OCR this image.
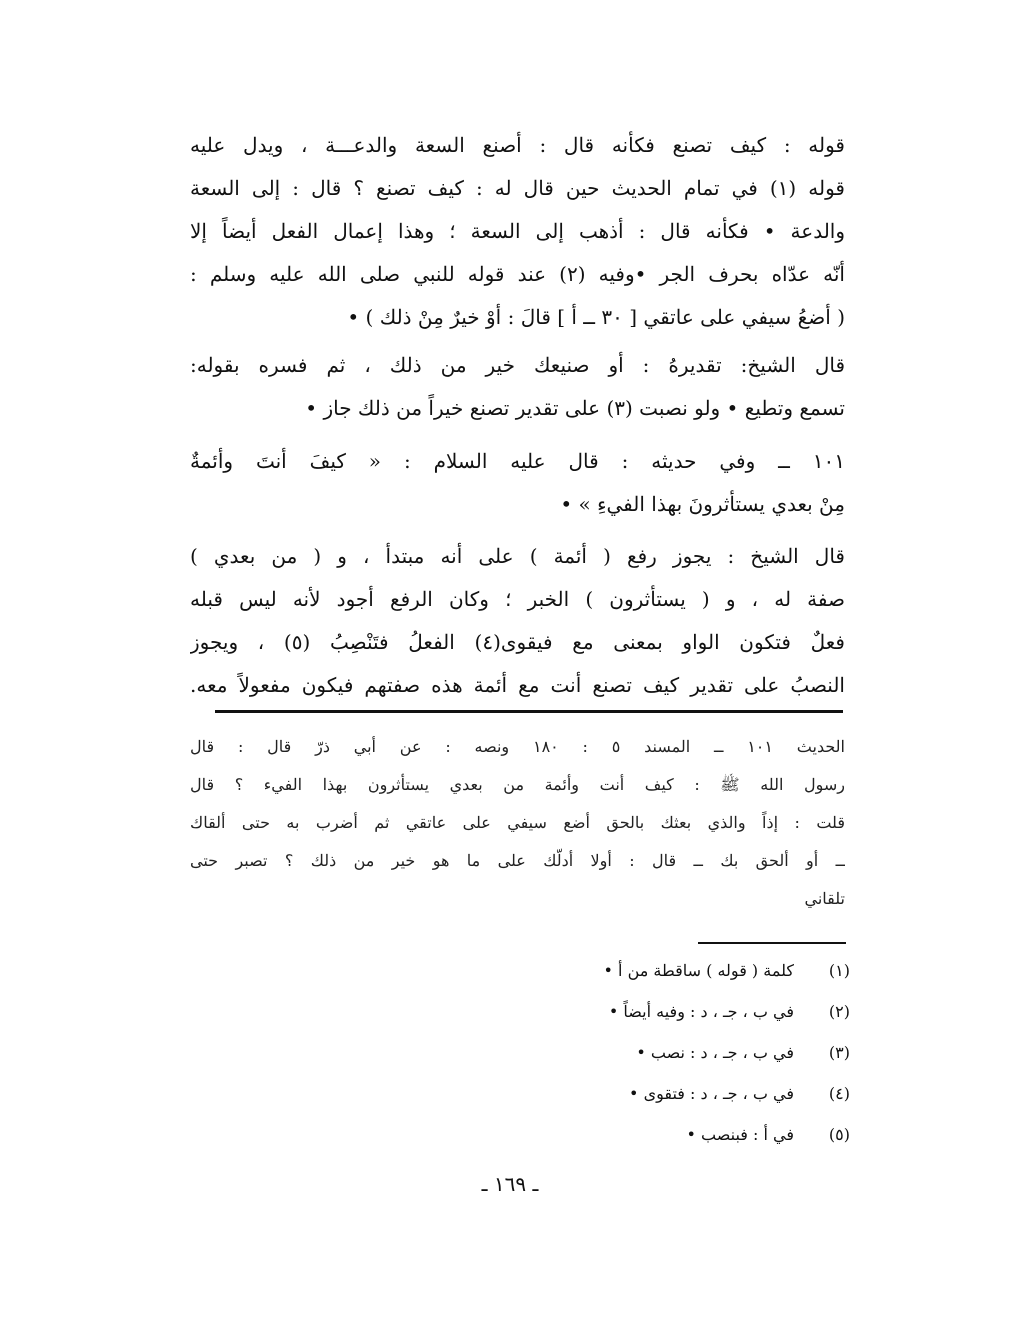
قوله : كيف تصنع فكأنه قال : أصنع السعة والدعـــة ، ويدل عليه
قوله (١) في تمام الحديث حين قال له : كيف تصنع ؟ قال : إلى السعة
والدعة • فكأنه قال : أذهب إلى السعة ؛ وهذا إعمال الفعل أيضاً إلا
أنّه عدّاه بحرف الجر •وفيه (٢) عند قوله للنبي صلى الله عليه وسلم :
( أضعُ سيفي على عاتقي [ ٣٠ ــ أ ] قالَ : أوْ خيرٌ مِنْ ذلك ) •
قال الشيخ: تقديرهُ : أو صنيعك خير من ذلك ، ثم فسره بقوله:
تسمع وتطيع • ولو نصبت (٣) على تقدير تصنع خيراً من ذلك جاز •
١٠١ ــ وفي حديثه : قال عليه السلام : « كيفَ أنتَ وأئمةٌ
مِنْ بعدي يستأثرونَ بهذا الفيءِ » •
قال الشيخ : يجوز رفع ( أئمة ) على أنه مبتدأ ، و ( من بعدي )
صفة له ، و ( يستأثرون ) الخبر ؛ وكان الرفع أجود لأنه ليس قبله
فعلٌ فتكون الواو بمعنى مع فيقوى(٤) الفعلُ فتَنْصِبُ (٥) ، ويجوز
النصبُ على تقدير كيف تصنع أنت مع أئمة هذه صفتهم فيكون مفعولاً معه.
الحديث ١٠١ ــ المسند ٥ : ١٨٠ ونصه : عن أبي ذرّ قال : قال
رسول الله ﷺ : كيف أنت وأئمة من بعدي يستأثرون بهذا الفيء ؟ قال
قلت : إذاً والذي بعثك بالحق أضع سيفي على عاتقي ثم أضرب به حتى ألقاك
ــ أو ألحق بك ــ قال : أولا أدلّك على ما هو خير من ذلك ؟ تصبر حتى
تلقاني
(١)
كلمة ( قوله ) ساقطة من أ •
(٢)
في ب ، جـ ، د : وفيه أيضاً •
(٣)
في ب ، جـ ، د : نصب •
(٤)
في ب ، جـ ، د : فتقوى •
(٥)
في أ : فبنصب •
ـ ١٦٩ ـ
